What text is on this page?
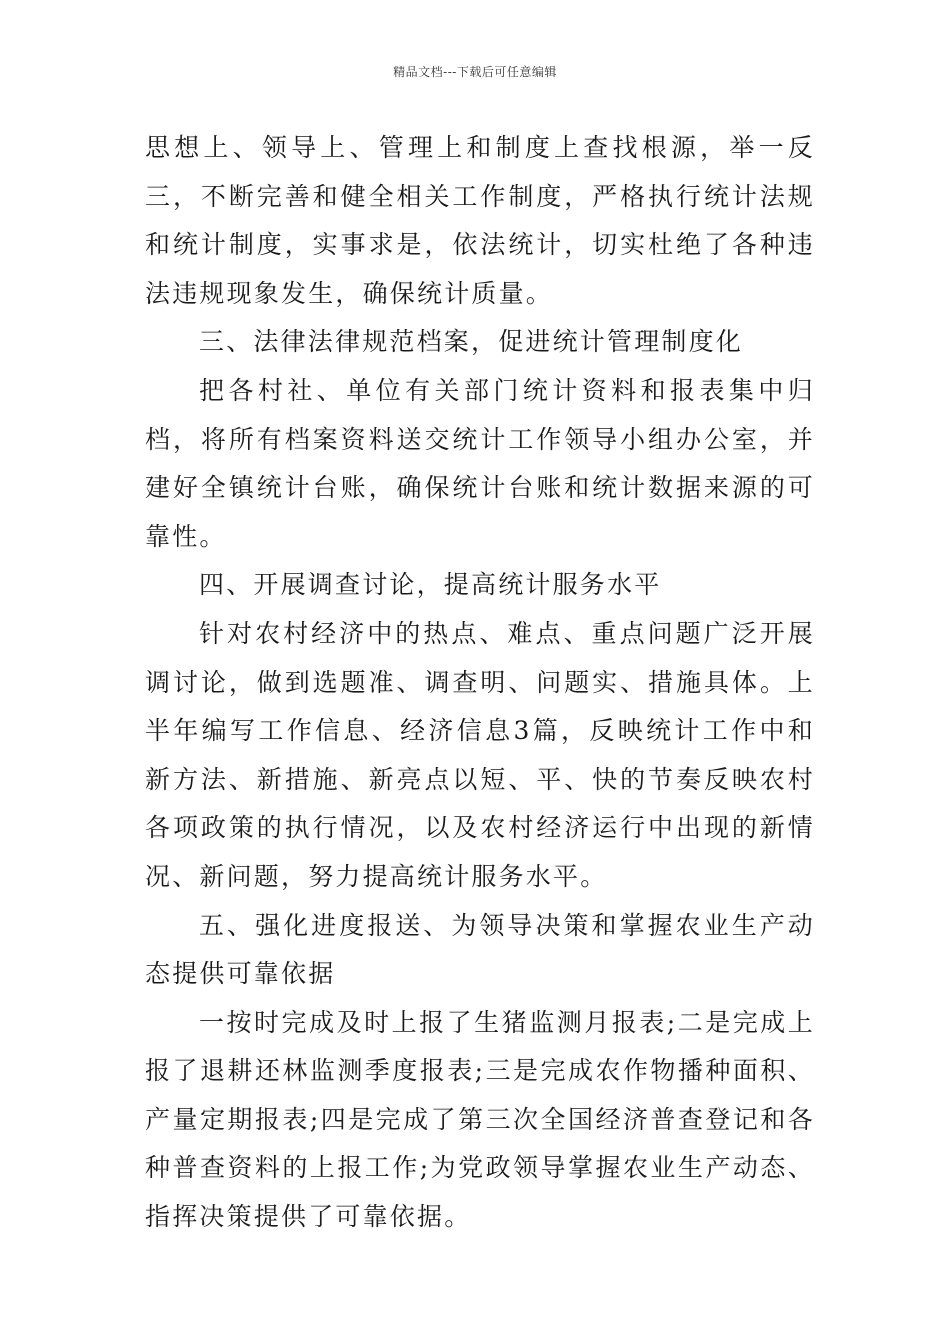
精品文档---下载后可任意编辑

思想上、领导上、管理上和制度上查找根源，举一反三，不断完善和健全相关工作制度，严格执行统计法规和统计制度，实事求是，依法统计，切实杜绝了各种违法违规现象发生，确保统计质量。

三、法律法律规范档案，促进统计管理制度化

把各村社、单位有关部门统计资料和报表集中归档，将所有档案资料送交统计工作领导小组办公室，并建好全镇统计台账，确保统计台账和统计数据来源的可靠性。

四、开展调查讨论，提高统计服务水平

针对农村经济中的热点、难点、重点问题广泛开展调讨论，做到选题准、调查明、问题实、措施具体。上半年编写工作信息、经济信息3篇，反映统计工作中和新方法、新措施、新亮点以短、平、快的节奏反映农村各项政策的执行情况，以及农村经济运行中出现的新情况、新问题，努力提高统计服务水平。

五、强化进度报送、为领导决策和掌握农业生产动态提供可靠依据

一按时完成及时上报了生猪监测月报表;二是完成上报了退耕还林监测季度报表;三是完成农作物播种面积、产量定期报表;四是完成了第三次全国经济普查登记和各种普查资料的上报工作;为党政领导掌握农业生产动态、指挥决策提供了可靠依据。
